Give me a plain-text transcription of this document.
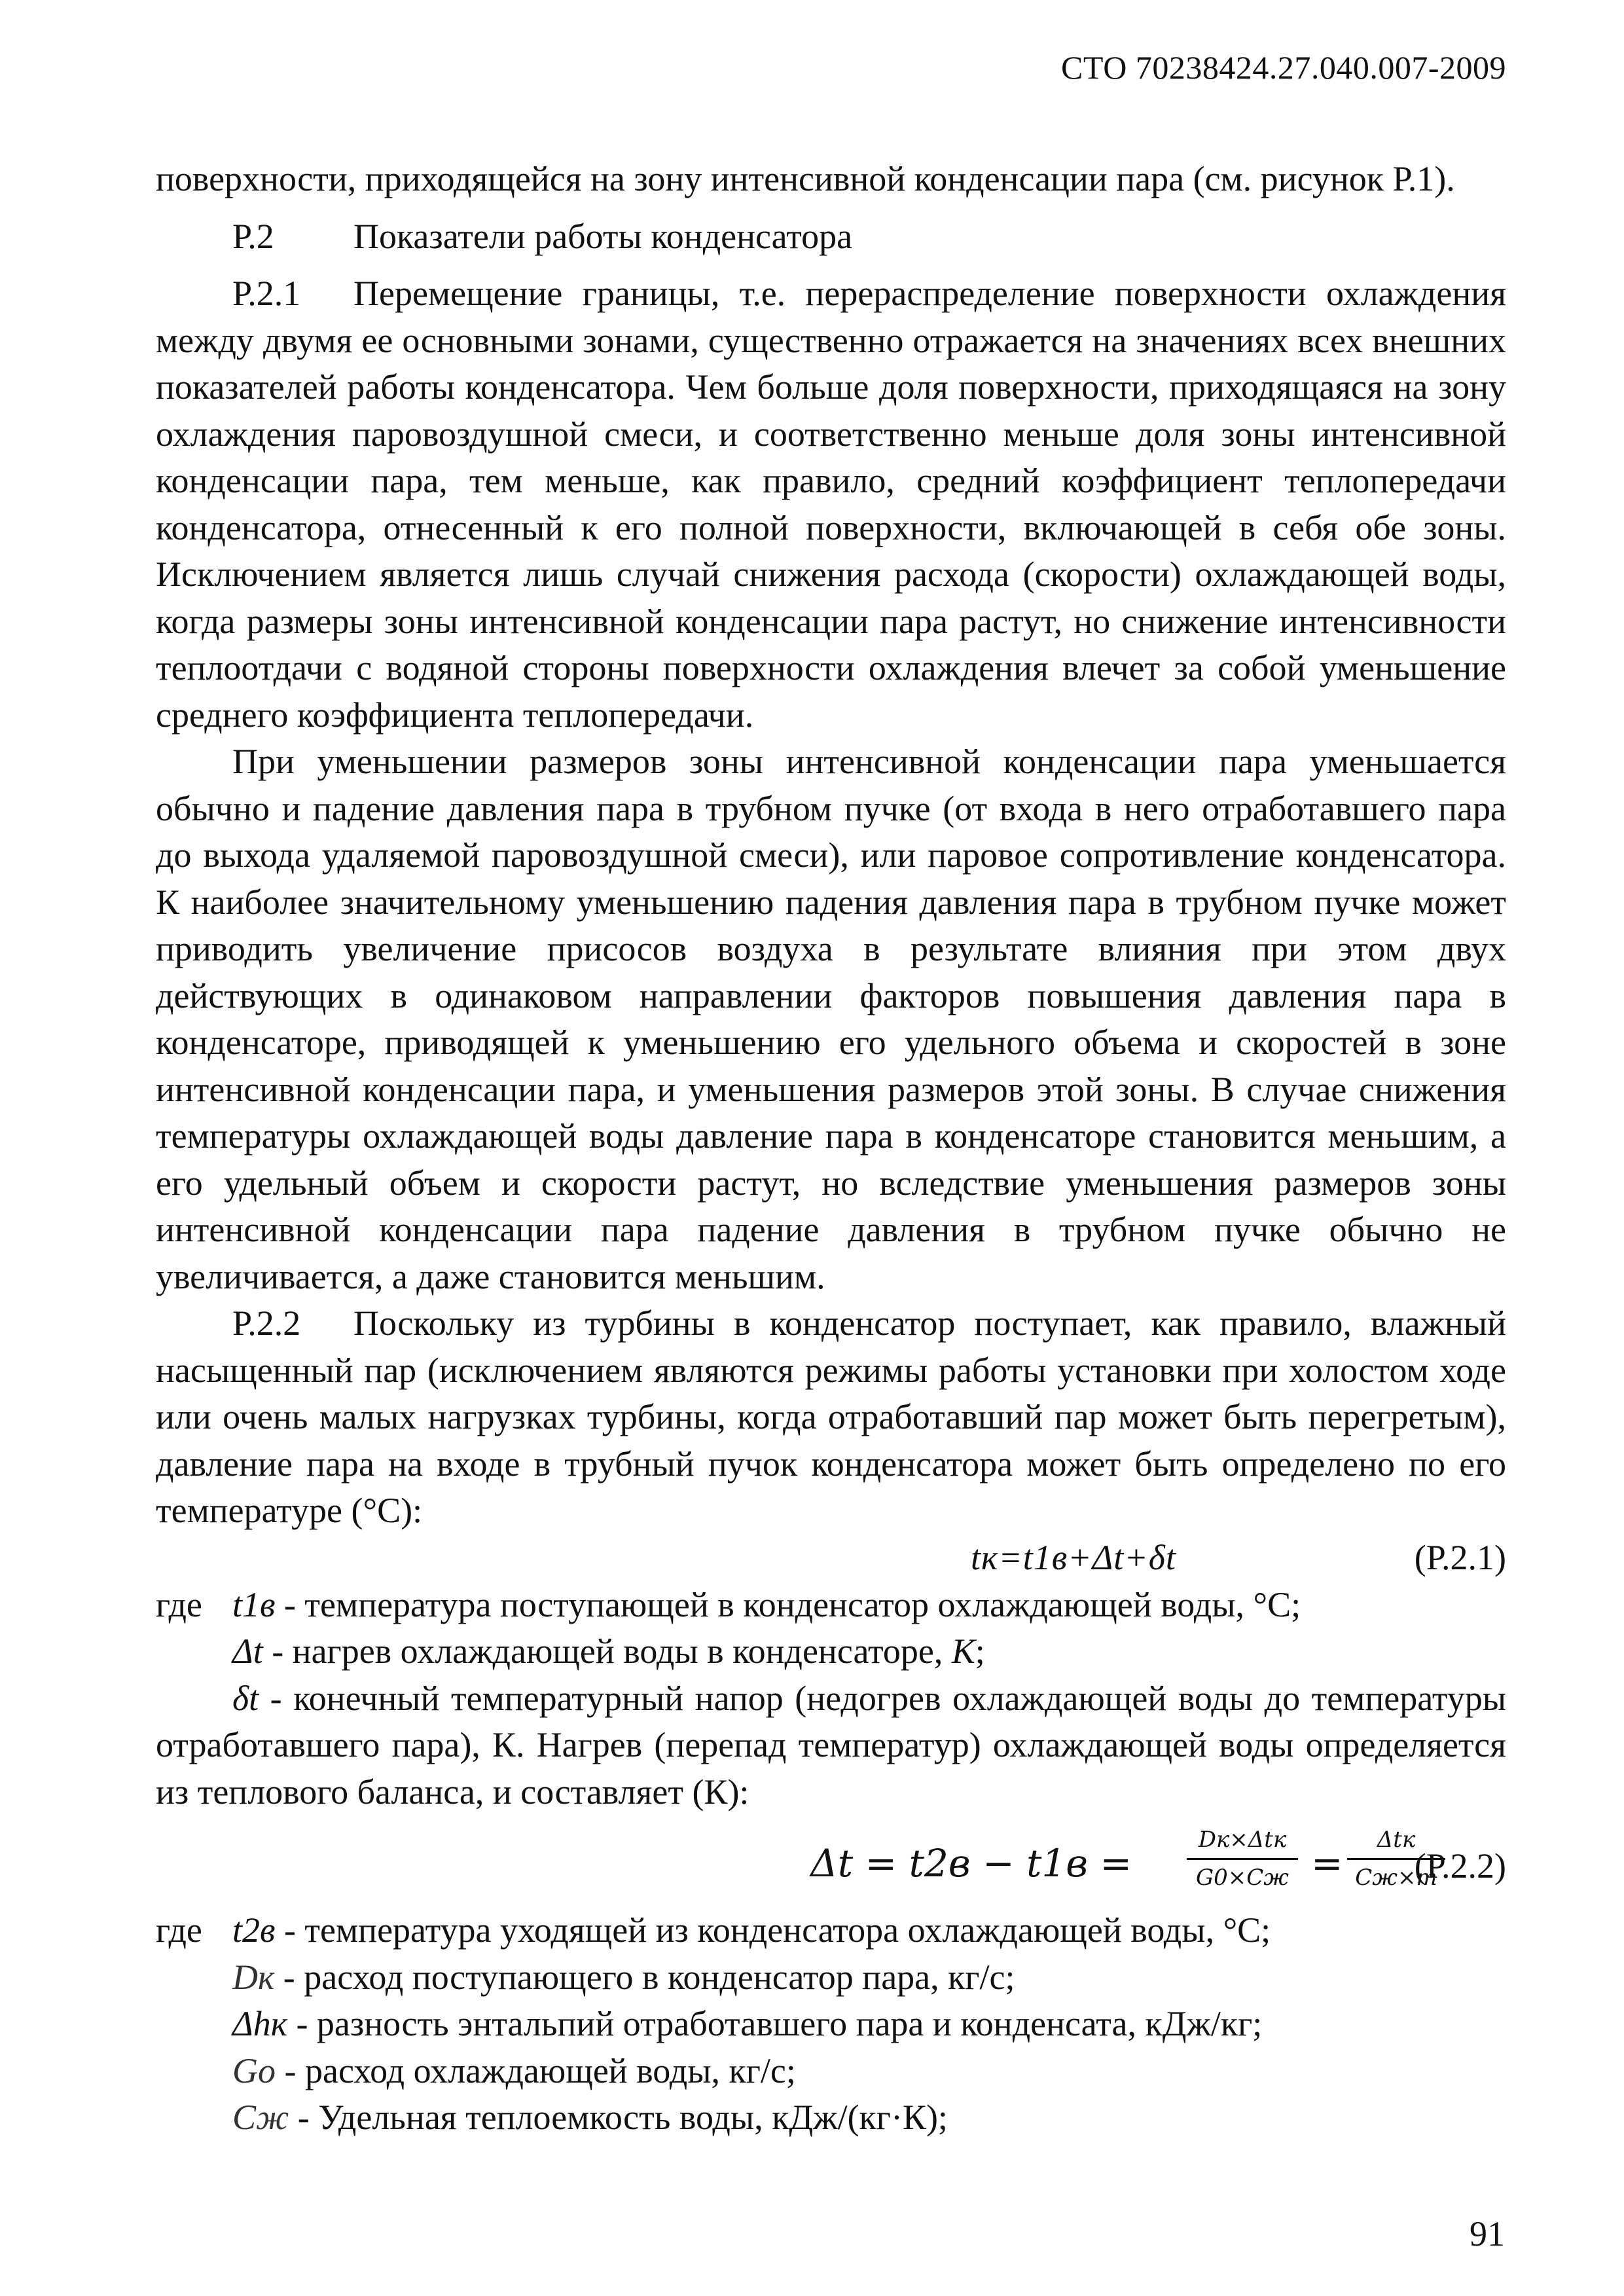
СТО 70238424.27.040.007-2009

поверхности, приходящейся на зону интенсивной конденсации пара (см. рисунок Р.1).

Р.2 Показатели работы конденсатора

Р.2.1 Перемещение границы, т.е. перераспределение поверхности охлаждения между двумя ее основными зонами, существенно отражается на значениях всех внешних показателей работы конденсатора. Чем больше доля поверхности, приходящаяся на зону охлаждения паровоздушной смеси, и соответственно меньше доля зоны интенсивной конденсации пара, тем меньше, как правило, средний коэффициент теплопередачи конденсатора, отнесенный к его полной поверхности, включающей в себя обе зоны. Исключением является лишь случай снижения расхода (скорости) охлаждающей воды, когда размеры зоны интенсивной конденсации пара растут, но снижение интенсивности теплоотдачи с водяной стороны поверхности охлаждения влечет за собой уменьшение среднего коэффициента теплопередачи.

При уменьшении размеров зоны интенсивной конденсации пара уменьшается обычно и падение давления пара в трубном пучке (от входа в него отработавшего пара до выхода удаляемой паровоздушной смеси), или паровое сопротивление конденсатора. К наиболее значительному уменьшению падения давления пара в трубном пучке может приводить увеличение присосов воздуха в результате влияния при этом двух действующих в одинаковом направлении факторов повышения давления пара в конденсаторе, приводящей к уменьшению его удельного объема и скоростей в зоне интенсивной конденсации пара, и уменьшения размеров этой зоны. В случае снижения температуры охлаждающей воды давление пара в конденсаторе становится меньшим, а его удельный объем и скорости растут, но вследствие уменьшения размеров зоны интенсивной конденсации пара падение давления в трубном пучке обычно не увеличивается, а даже становится меньшим.

Р.2.2 Поскольку из турбины в конденсатор поступает, как правило, влажный насыщенный пар (исключением являются режимы работы установки при холостом ходе или очень малых нагрузках турбины, когда отработавший пар может быть перегретым), давление пара на входе в трубный пучок конденсатора может быть определено по его температуре (°С):

tк=t1в+Δt+δt	(Р.2.1)
где t1в - температура поступающей в конденсатор охлаждающей воды, °С;
Δt - нагрев охлаждающей воды в конденсаторе, К;

δt - конечный температурный напор (недогрев охлаждающей воды до температуры отработавшего пара), К. Нагрев (перепад температур) охлаждающей воды определяется из теплового баланса, и составляет (К):

Δt = t2в − t1в =
Dк×Δtк
G0×Cж =
Δtк
Cж×m
(Р.2.2)
где t2в - температура уходящей из конденсатора охлаждающей воды, °С;
Dк - расход поступающего в конденсатор пара, кг/с;
Δhк - разность энтальпий отработавшего пара и конденсата, кДж/кг;
Go - расход охлаждающей воды, кг/с;
Cж - Удельная теплоемкость воды, кДж/(кг·К);
91
